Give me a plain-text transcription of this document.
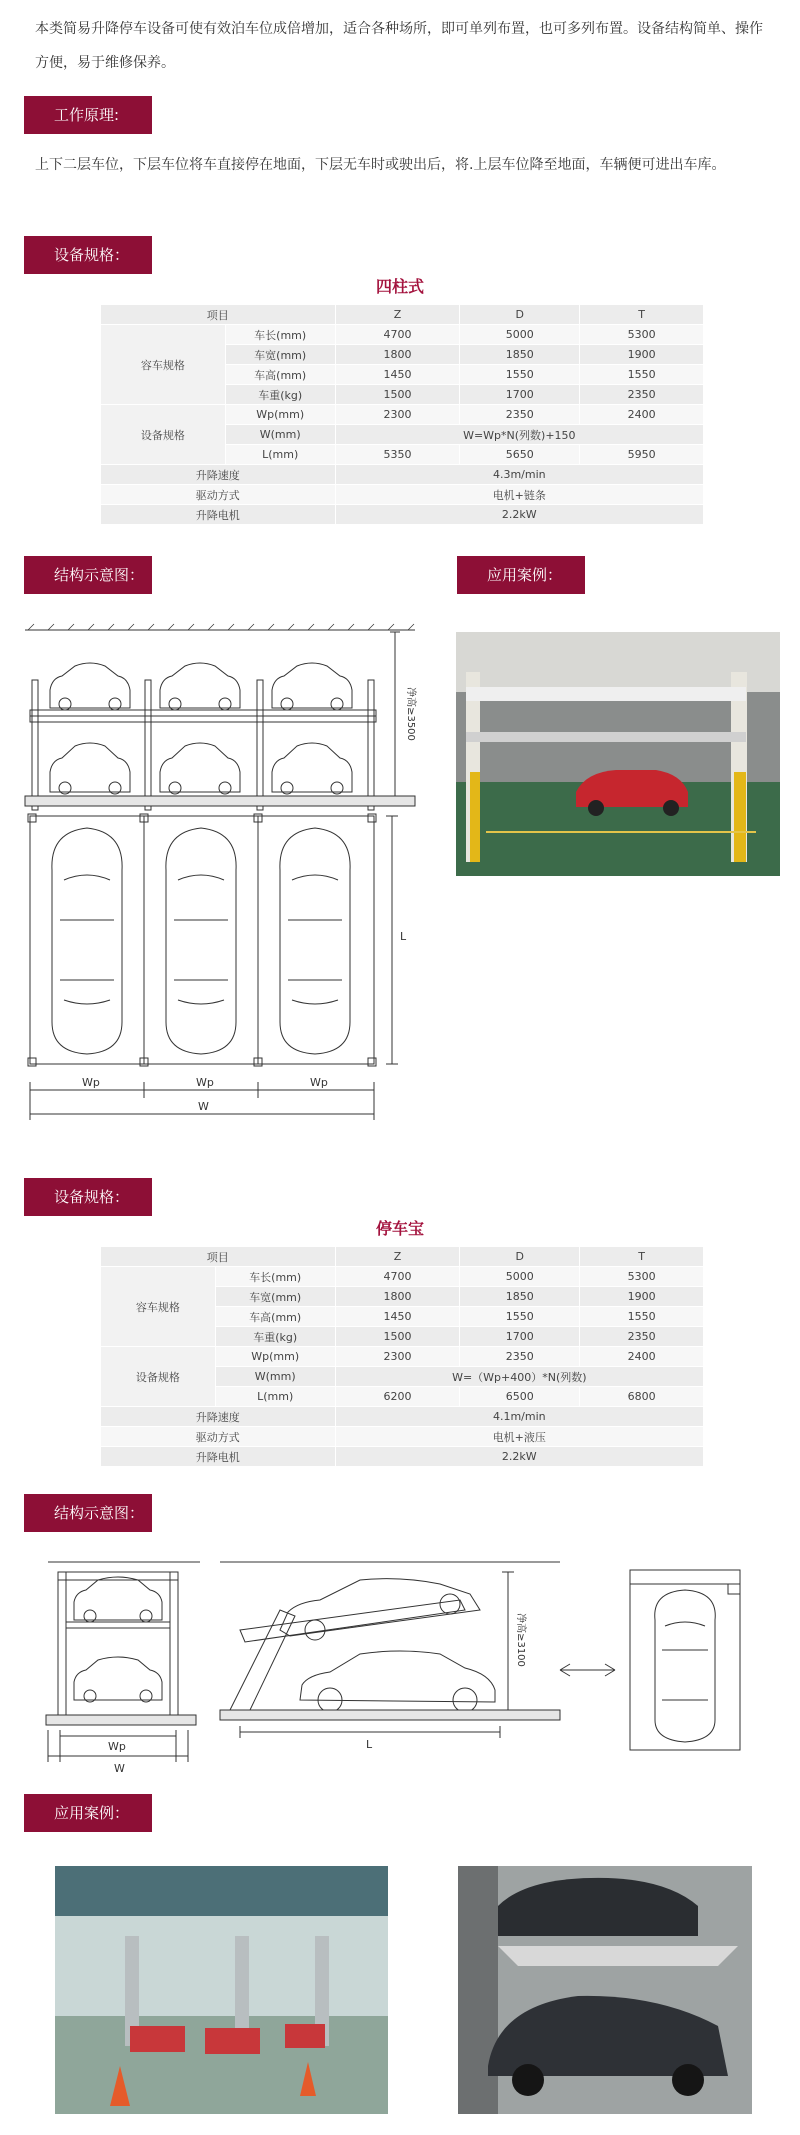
本类简易升降停车设备可使有效泊车位成倍增加，适合各种场所，即可单列布置，也可多列布置。设备结构简单、操作方便，易于维修保养。
工作原理:
上下二层车位，下层车位将车直接停在地面，下层无车时或驶出后，将.上层车位降至地面，车辆便可进出车库。
设备规格：
四柱式
项目		Z	D	T
容车规格	车长(mm)	4700	5000	5300
	车宽(mm)	1800	1850	1900
	车高(mm)	1450	1550	1550
	车重(kg)	1500	1700	2350
设备规格	Wp(mm)	2300	2350	2400
	W(mm)	W=Wp*N(列数)+150		
	L(mm)	5350	5650	5950
升降速度		4.3m/min		
驱动方式		电机+链条		
升降电机		2.2kW		
结构示意图：	应用案例：
净高≥3500
L
Wp	Wp	Wp
W
设备规格：
停车宝
项目		Z	D	T
容车规格	车长(mm)	4700	5000	5300
	车宽(mm)	1800	1850	1900
	车高(mm)	1450	1550	1550
	车重(kg)	1500	1700	2350
设备规格	Wp(mm)	2300	2350	2400
	W(mm)	W=（Wp+400）*N(列数)		
	L(mm)	6200	6500	6800
升降速度		4.1m/min		
驱动方式		电机+液压		
升降电机		2.2kW		
结构示意图：
净高≥3100
Wp
W
L
应用案例：
